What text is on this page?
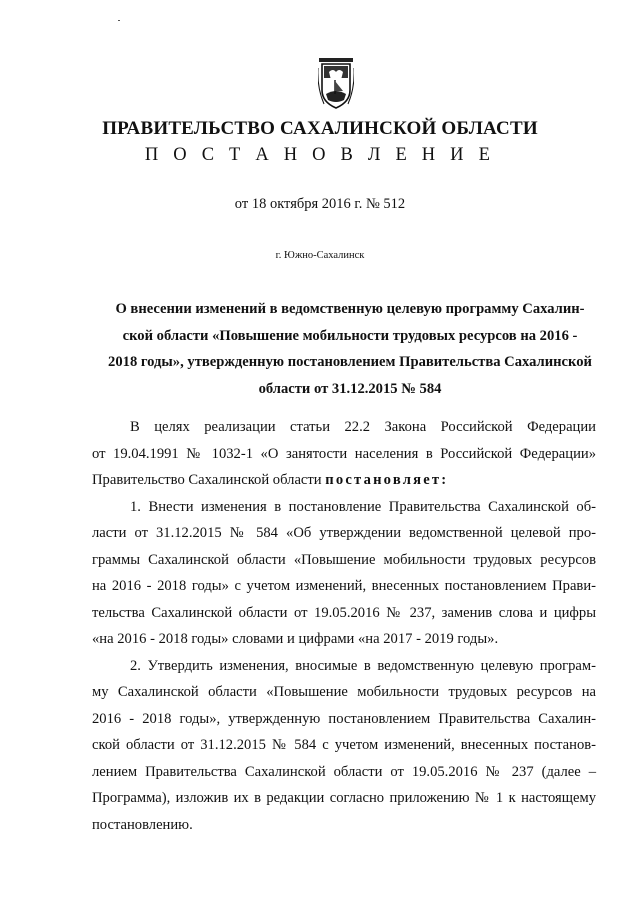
ПРАВИТЕЛЬСТВО САХАЛИНСКОЙ ОБЛАСТИ
П О С Т А Н О В Л Е Н И Е
от 18 октября 2016 г. № 512
г. Южно-Сахалинск
О внесении изменений в ведомственную целевую программу Сахалин-
ской области «Повышение мобильности трудовых ресурсов на 2016 -
2018 годы», утвержденную постановлением Правительства Сахалинской
области от 31.12.2015 № 584
В целях реализации статьи 22.2 Закона Российской Федерации
от 19.04.1991 № 1032-1 «О занятости населения в Российской Федерации»
Правительство Сахалинской области постановляет:
1. Внести изменения в постановление Правительства Сахалинской об-
ласти от 31.12.2015 № 584 «Об утверждении ведомственной целевой про-
граммы Сахалинской области «Повышение мобильности трудовых ресурсов
на 2016 - 2018 годы» с учетом изменений, внесенных постановлением Прави-
тельства Сахалинской области от 19.05.2016 № 237, заменив слова и цифры
«на 2016 - 2018 годы» словами и цифрами «на 2017 - 2019 годы».
2. Утвердить изменения, вносимые в ведомственную целевую програм-
му Сахалинской области «Повышение мобильности трудовых ресурсов на
2016 - 2018 годы», утвержденную постановлением Правительства Сахалин-
ской области от 31.12.2015 № 584 с учетом изменений, внесенных постанов-
лением Правительства Сахалинской области от 19.05.2016 № 237 (далее –
Программа), изложив их в редакции согласно приложению № 1 к настоящему
постановлению.
